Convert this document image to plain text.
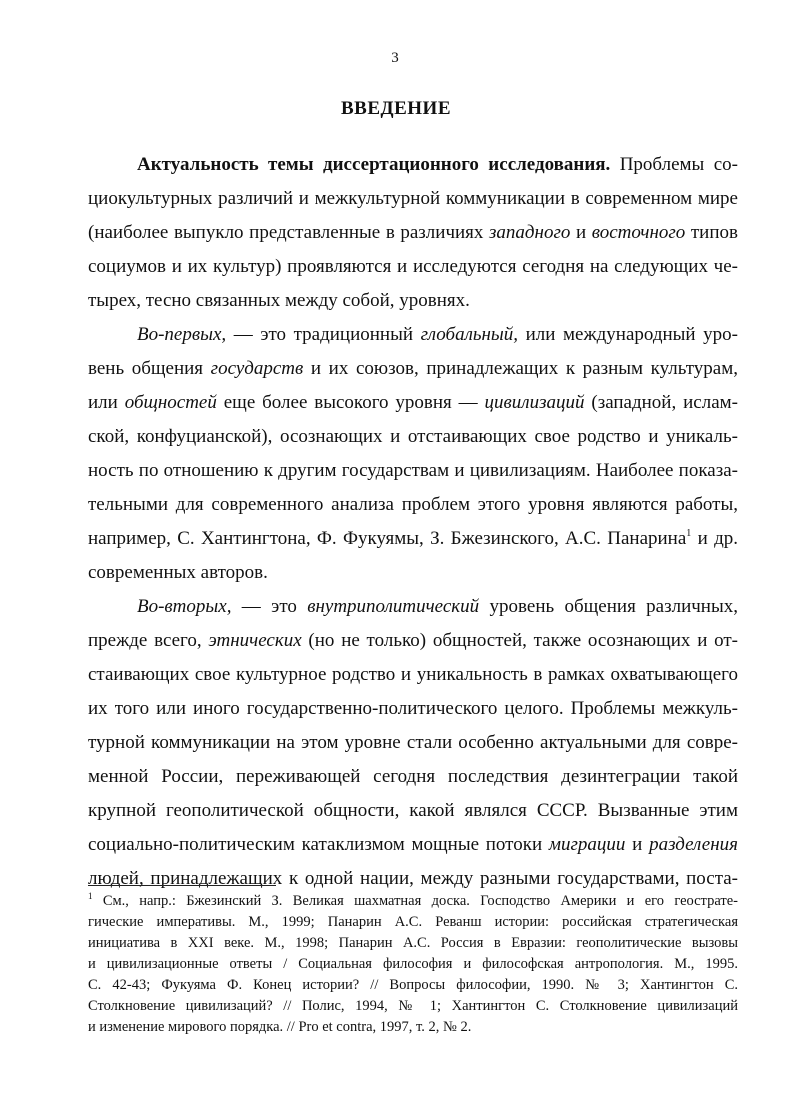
3
ВВЕДЕНИЕ
Актуальность темы диссертационного исследования. Проблемы со-
циокультурных различий и межкультурной коммуникации в современном мире
(наиболее выпукло представленные в различиях западного и восточного типов
социумов и их культур) проявляются и исследуются сегодня на следующих че-
тырех, тесно связанных между собой, уровнях.
Во-первых, — это традиционный глобальный, или международный уро-
вень общения государств и их союзов, принадлежащих к разным культурам,
или общностей еще более высокого уровня — цивилизаций (западной, ислам-
ской, конфуцианской), осознающих и отстаивающих свое родство и уникаль-
ность по отношению к другим государствам и цивилизациям. Наиболее показа-
тельными для современного анализа проблем этого уровня являются работы,
например, С. Хантингтона, Ф. Фукуямы, З. Бжезинского, А.С. Панарина$^1$ и др.
современных авторов.
Во-вторых, — это внутриполитический уровень общения различных,
прежде всего, этнических (но не только) общностей, также осознающих и от-
стаивающих свое культурное родство и уникальность в рамках охватывающего
их того или иного государственно-политического целого. Проблемы межкуль-
турной коммуникации на этом уровне стали особенно актуальными для совре-
менной России, переживающей сегодня последствия дезинтеграции такой
крупной геополитической общности, какой являлся СССР. Вызванные этим
социально-политическим катаклизмом мощные потоки миграции и разделения
людей, принадлежащих к одной нации, между разными государствами, поста-
$^1$ См., напр.: Бжезинский З. Великая шахматная доска. Господство Америки и его геострате-
гические императивы. М., 1999; Панарин А.С. Реванш истории: российская стратегическая
инициатива в XXI веке. М., 1998; Панарин А.С. Россия в Евразии: геополитические вызовы
и цивилизационные ответы / Социальная философия и философская антропология. М., 1995.
С. 42-43; Фукуяма Ф. Конец истории? // Вопросы философии, 1990. № 3; Хантингтон С.
Столкновение цивилизаций? // Полис, 1994, № 1; Хантингтон С. Столкновение цивилизаций
и изменение мирового порядка. // Pro et contra, 1997, т. 2, № 2.
